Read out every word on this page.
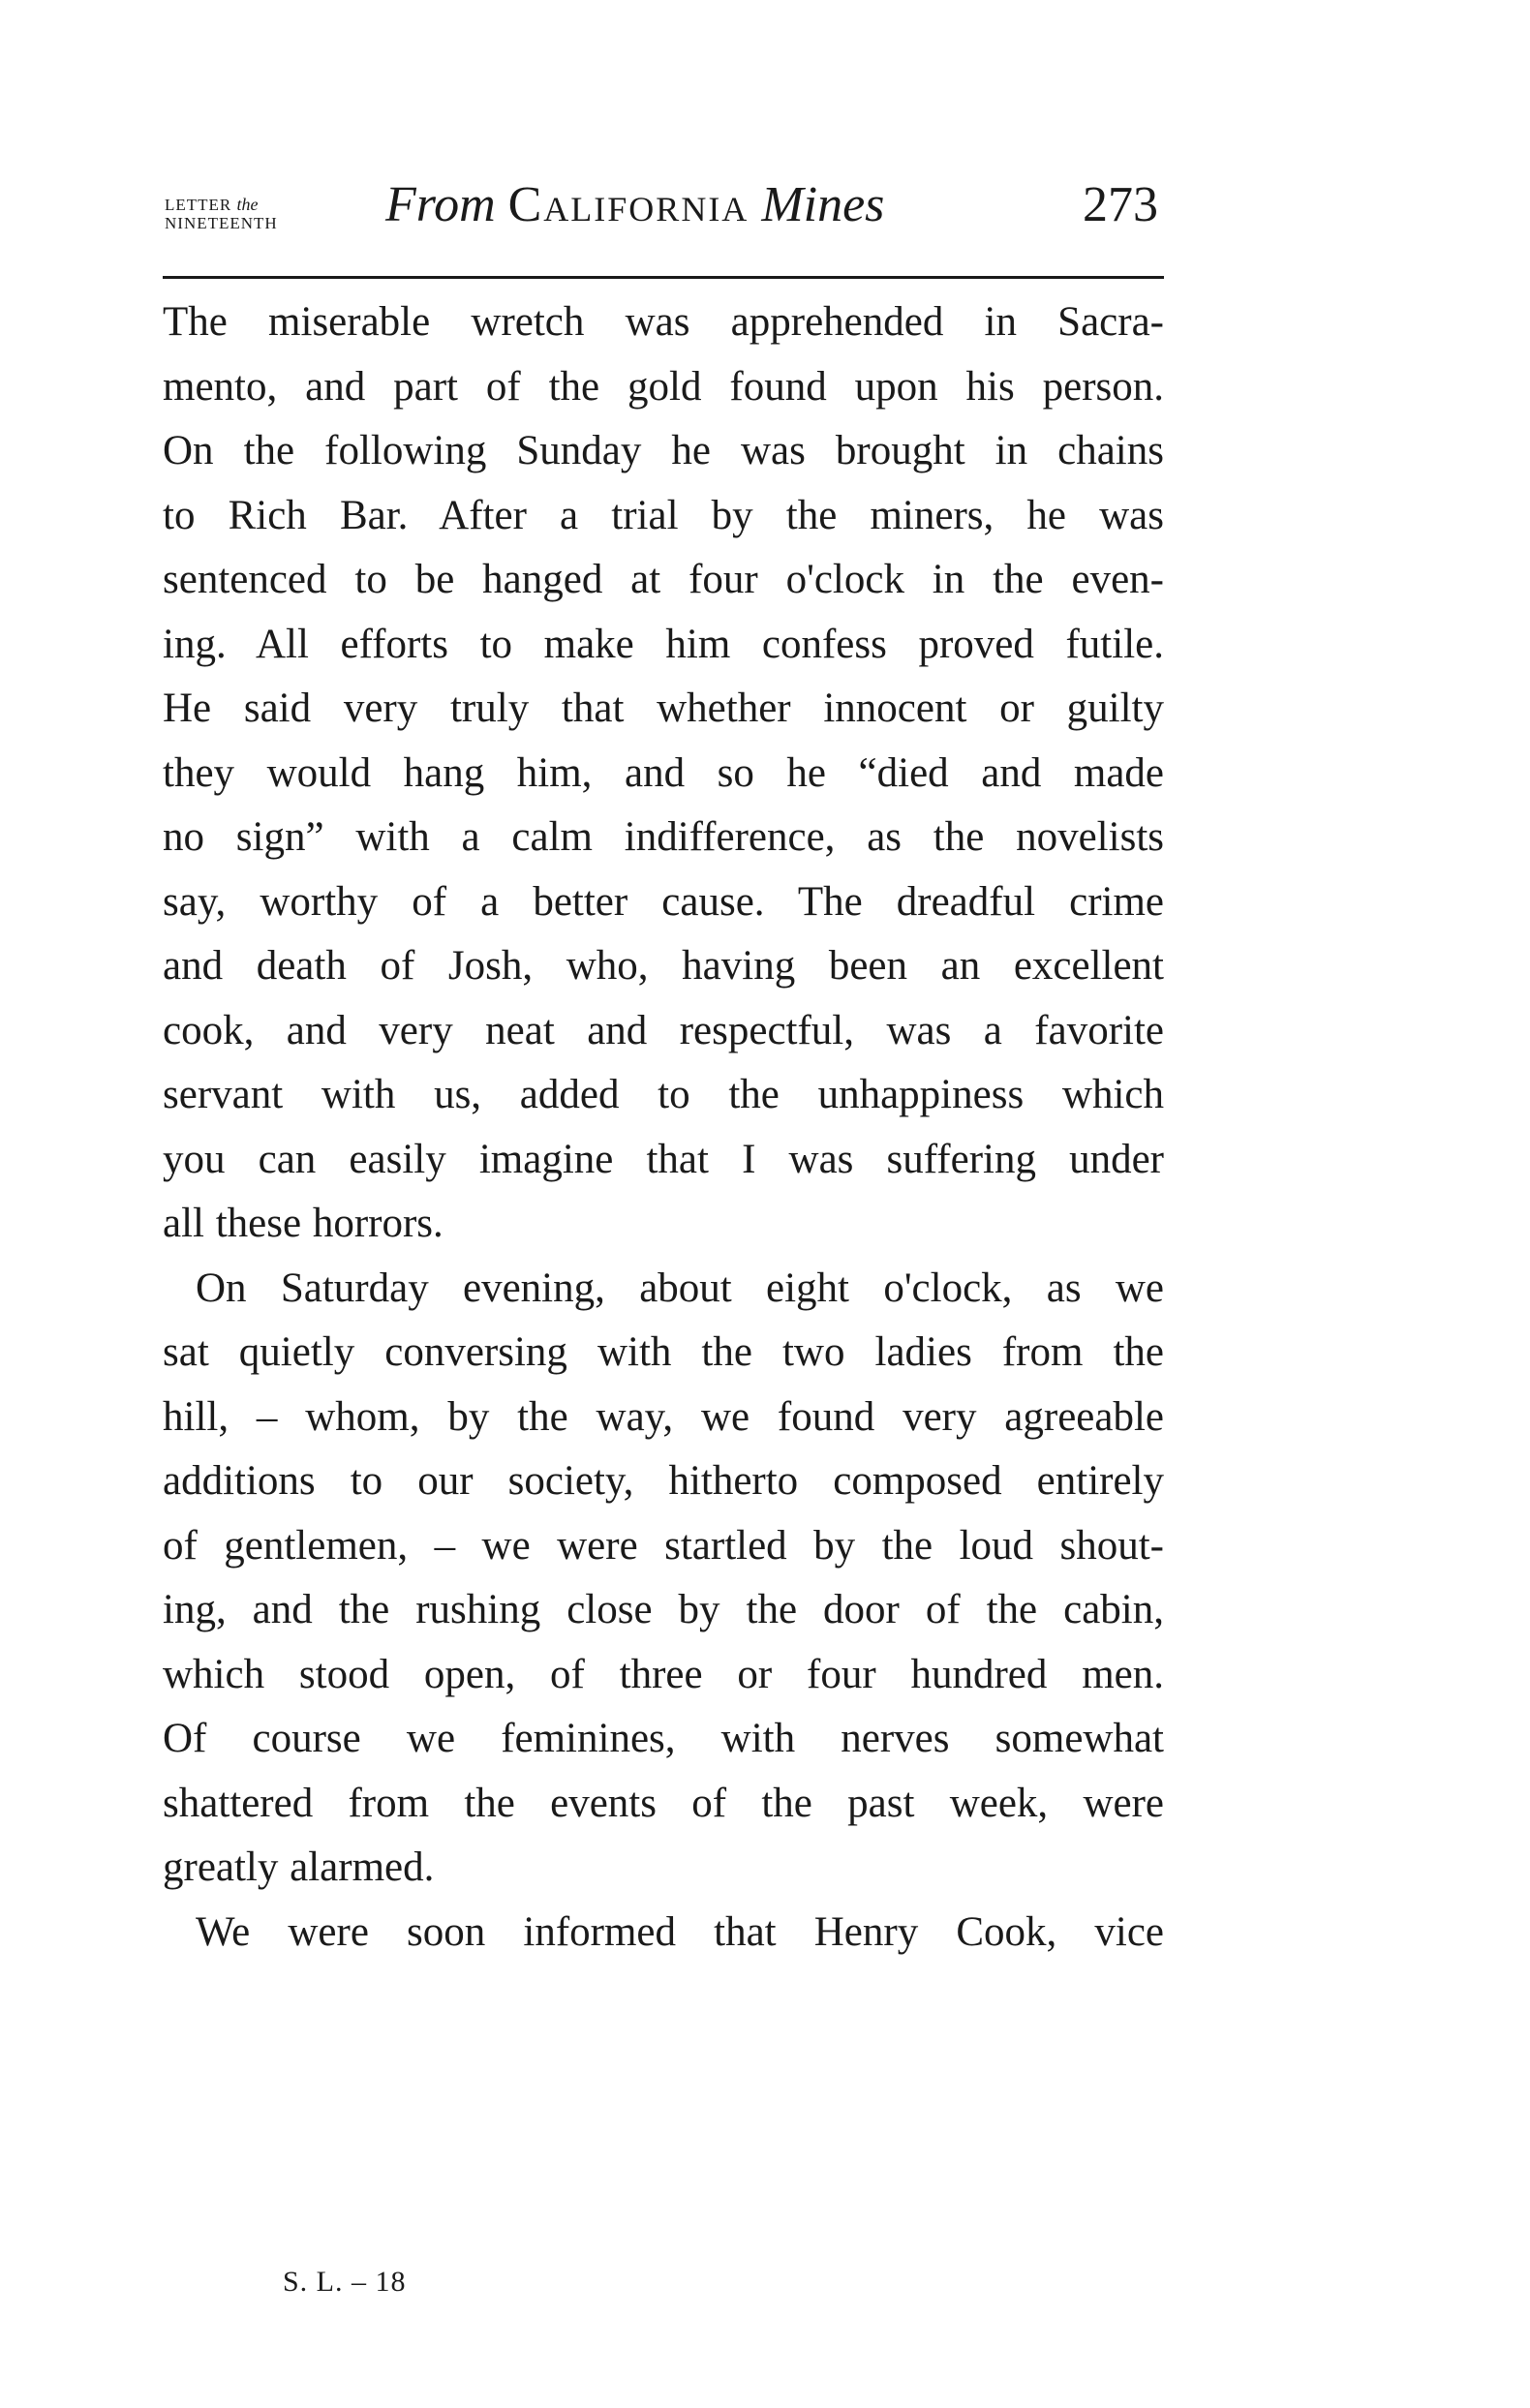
LETTER the
NINETEENTH From California Mines	273
The miserable wretch was apprehended in Sacra-
mento, and part of the gold found upon his person.
On the following Sunday he was brought in chains
to Rich Bar. After a trial by the miners, he was
sentenced to be hanged at four o'clock in the even-
ing. All efforts to make him confess proved futile.
He said very truly that whether innocent or guilty
they would hang him, and so he “died and made
no sign” with a calm indifference, as the novelists
say, worthy of a better cause. The dreadful crime
and death of Josh, who, having been an excellent
cook, and very neat and respectful, was a favorite
servant with us, added to the unhappiness which
you can easily imagine that I was suffering under
all these horrors.
On Saturday evening, about eight o'clock, as we
sat quietly conversing with the two ladies from the
hill, – whom, by the way, we found very agreeable
additions to our society, hitherto composed entirely
of gentlemen, – we were startled by the loud shout-
ing, and the rushing close by the door of the cabin,
which stood open, of three or four hundred men.
Of course we feminines, with nerves somewhat
shattered from the events of the past week, were
greatly alarmed.
We were soon informed that Henry Cook, vice
S. L. – 18
